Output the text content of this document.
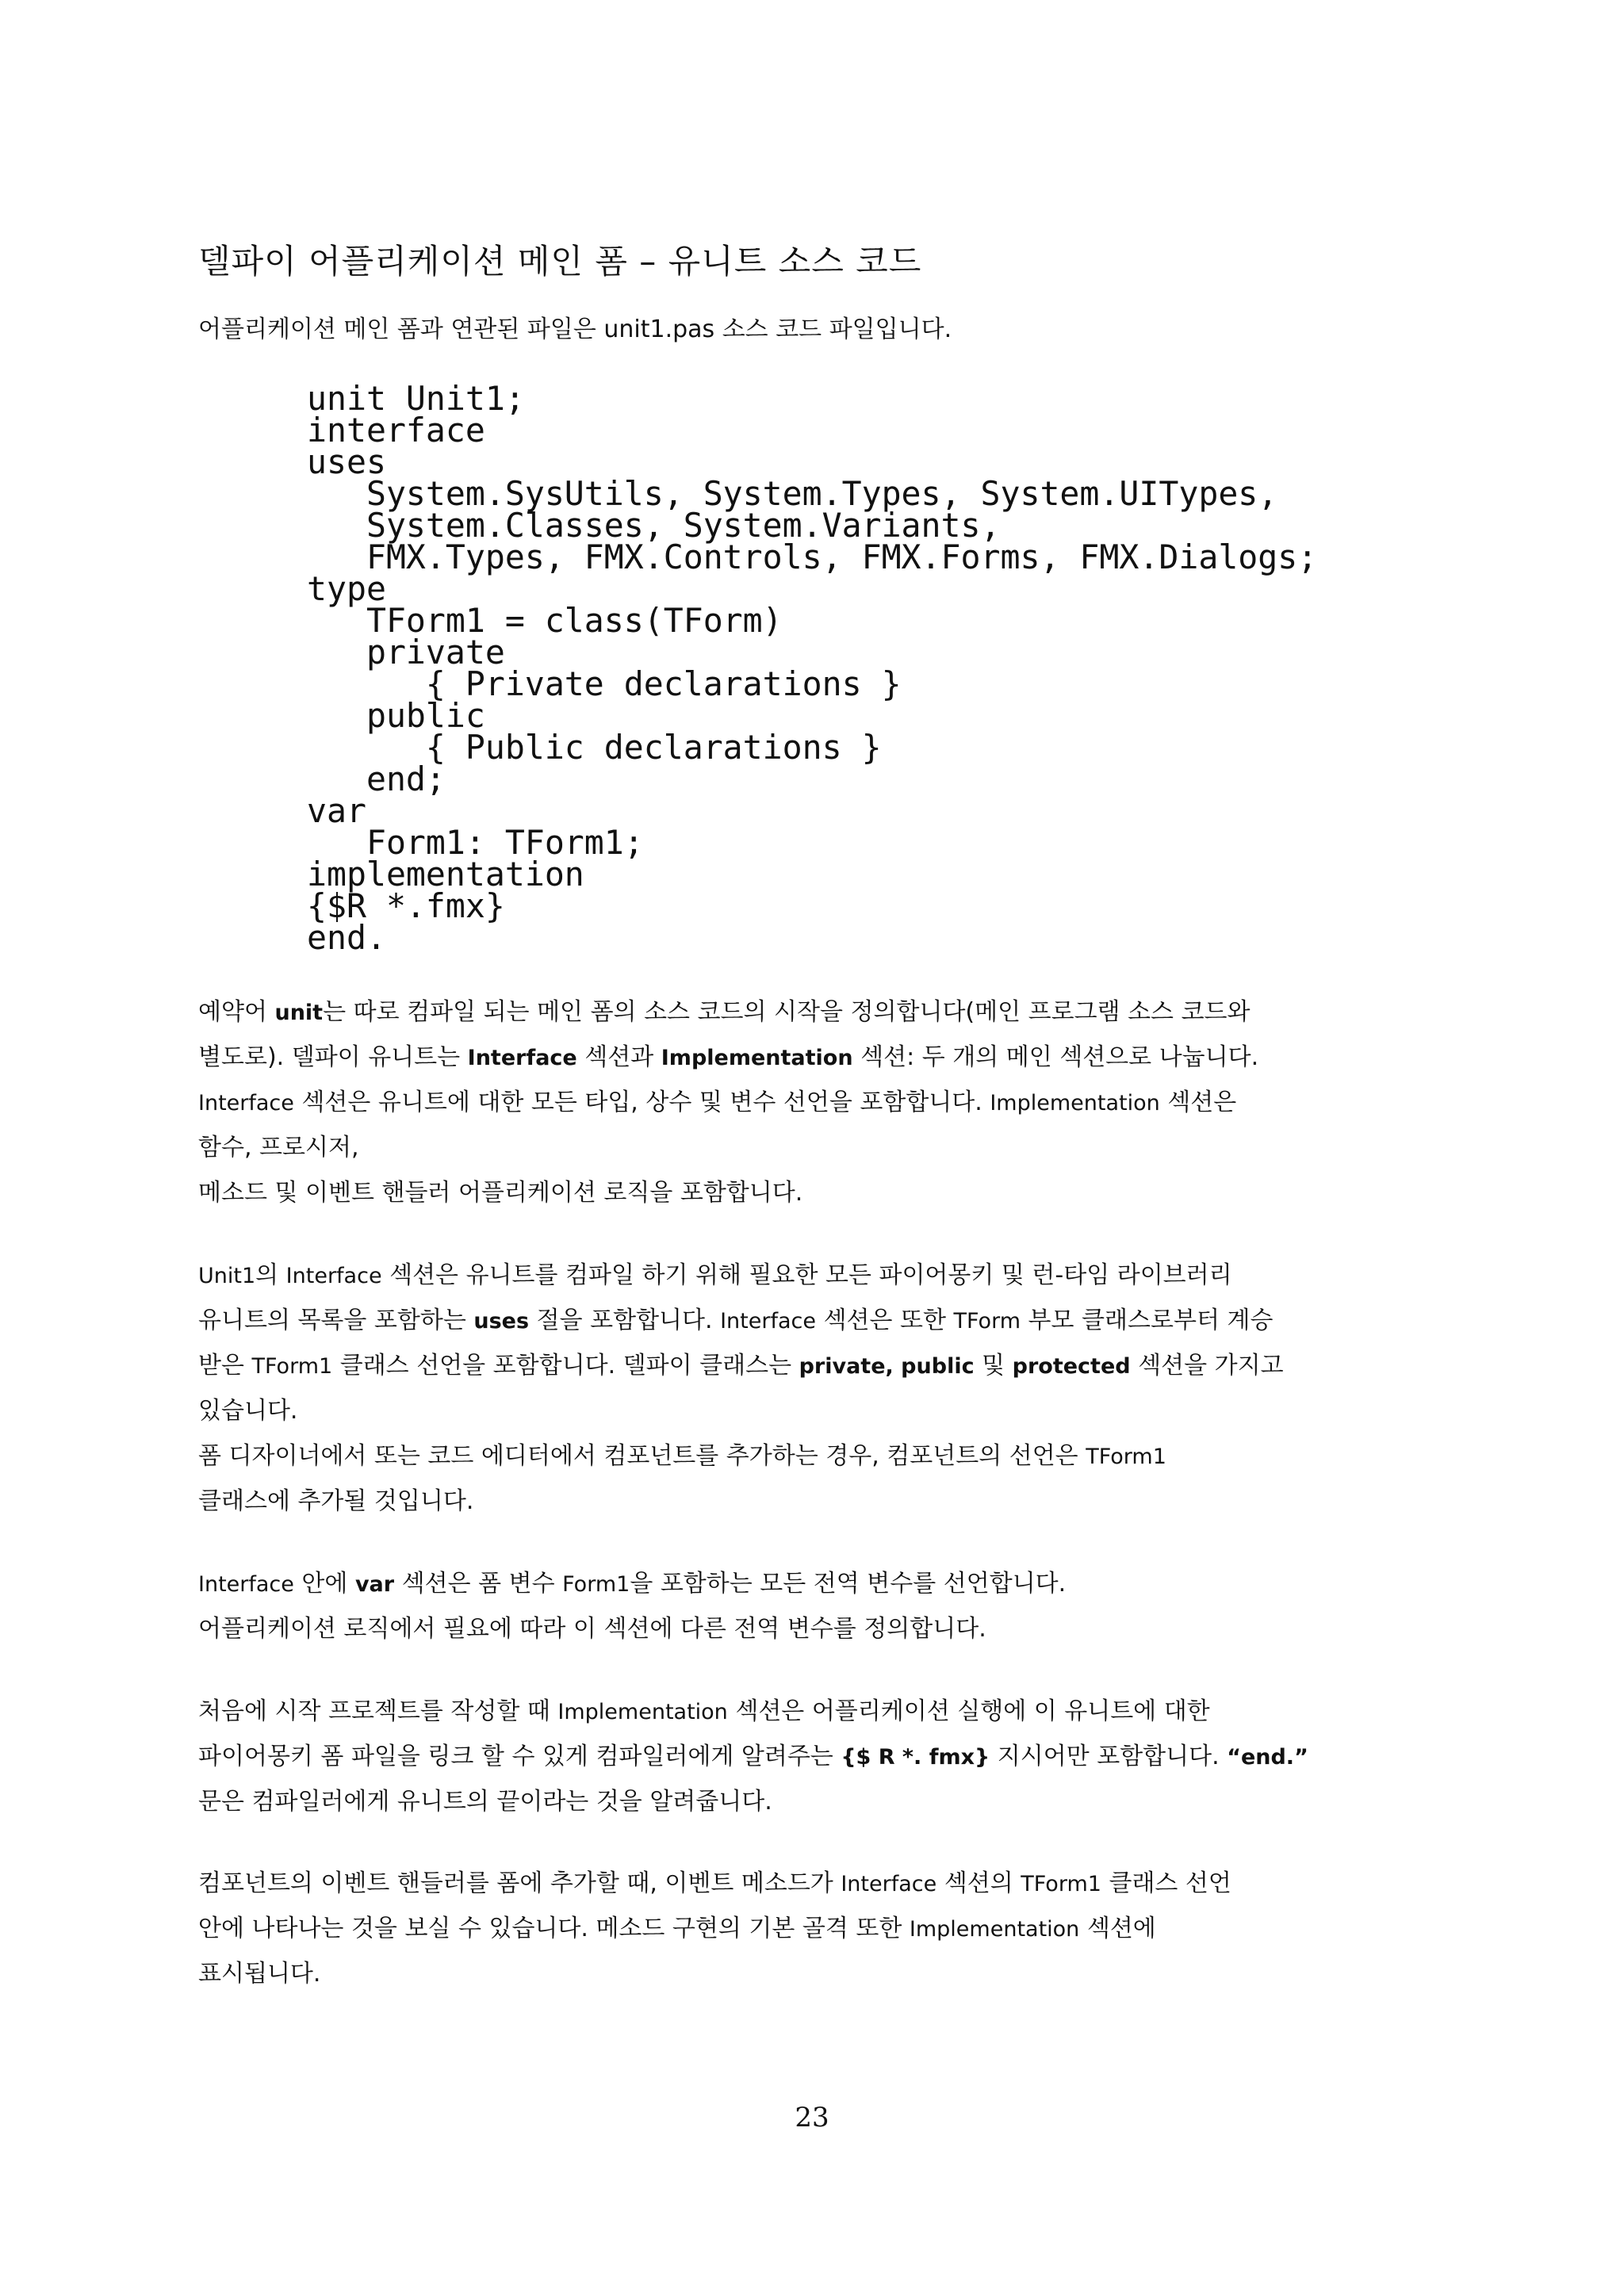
델파이 어플리케이션 메인 폼 – 유니트 소스 코드
어플리케이션 메인 폼과 연관된 파일은 unit1.pas 소스 코드 파일입니다.
unit Unit1;
interface
uses
System.SysUtils, System.Types, System.UITypes,
System.Classes, System.Variants,
FMX.Types, FMX.Controls, FMX.Forms, FMX.Dialogs;
type
TForm1 = class(TForm)
private
{ Private declarations }
public
{ Public declarations }
end;
var
Form1: TForm1;
implementation
{$R *.fmx}
end.
예약어 unit는 따로 컴파일 되는 메인 폼의 소스 코드의 시작을 정의합니다(메인 프로그램 소스 코드와
별도로). 델파이 유니트는 Interface 섹션과 Implementation 섹션: 두 개의 메인 섹션으로 나눕니다.
Interface 섹션은 유니트에 대한 모든 타입, 상수 및 변수 선언을 포함합니다. Implementation 섹션은
함수, 프로시저,
메소드 및 이벤트 핸들러 어플리케이션 로직을 포함합니다.
Unit1의 Interface 섹션은 유니트를 컴파일 하기 위해 필요한 모든 파이어몽키 및 런-타임 라이브러리
유니트의 목록을 포함하는 uses 절을 포함합니다. Interface 섹션은 또한 TForm 부모 클래스로부터 계승
받은 TForm1 클래스 선언을 포함합니다. 델파이 클래스는 private, public 및 protected 섹션을 가지고
있습니다.
폼 디자이너에서 또는 코드 에디터에서 컴포넌트를 추가하는 경우, 컴포넌트의 선언은 TForm1
클래스에 추가될 것입니다.
Interface 안에 var 섹션은 폼 변수 Form1을 포함하는 모든 전역 변수를 선언합니다.
어플리케이션 로직에서 필요에 따라 이 섹션에 다른 전역 변수를 정의합니다.
처음에 시작 프로젝트를 작성할 때 Implementation 섹션은 어플리케이션 실행에 이 유니트에 대한
파이어몽키 폼 파일을 링크 할 수 있게 컴파일러에게 알려주는 {$ R *. fmx} 지시어만 포함합니다. “end.”
문은 컴파일러에게 유니트의 끝이라는 것을 알려줍니다.
컴포넌트의 이벤트 핸들러를 폼에 추가할 때, 이벤트 메소드가 Interface 섹션의 TForm1 클래스 선언
안에 나타나는 것을 보실 수 있습니다. 메소드 구현의 기본 골격 또한 Implementation 섹션에
표시됩니다.
23
